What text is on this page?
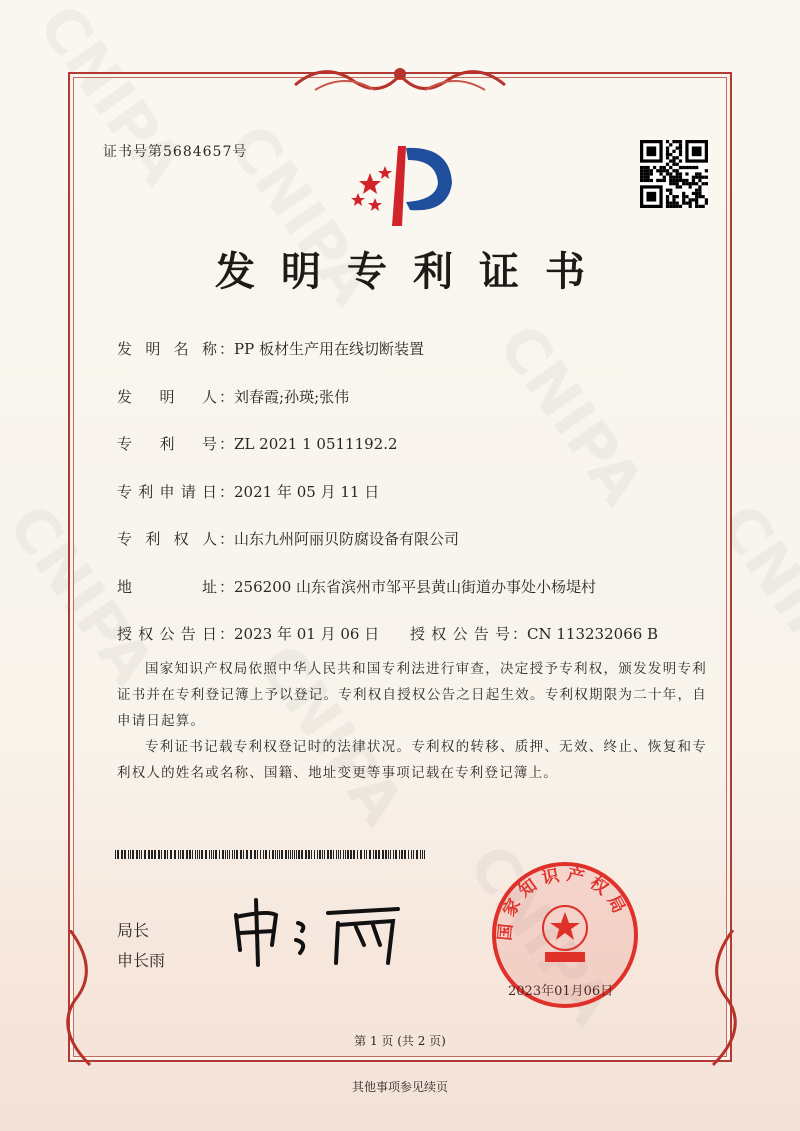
证书号第5684657号
发明专利证书
发明名称 ：PP 板材生产用在线切断装置
发明人 ：刘春霞;孙瑛;张伟
专利号 ：ZL 2021 1 0511192.2
专利申请日 ：2021 年 05 月 11 日
专利权人 ：山东九州阿丽贝防腐设备有限公司
地址 ：256200 山东省滨州市邹平县黄山街道办事处小杨堤村
授权公告日 ：2023 年 01 月 06 日 授权公告号 ：CN 113232066 B
国家知识产权局依照中华人民共和国专利法进行审查，决定授予专利权，颁发发明专利证书并在专利登记簿上予以登记。专利权自授权公告之日起生效。专利权期限为二十年，自申请日起算。
专利证书记载专利权登记时的法律状况。专利权的转移、质押、无效、终止、恢复和专利权人的姓名或名称、国籍、地址变更等事项记载在专利登记簿上。
局长
申长雨
国家知识产权局
2023年01月06日
第 1 页 (共 2 页)
其他事项参见续页
